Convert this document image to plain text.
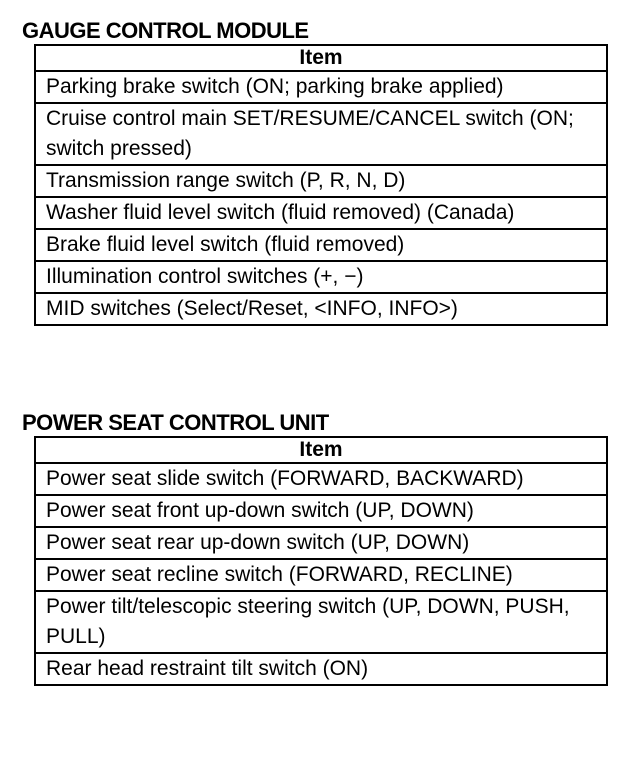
GAUGE CONTROL MODULE
Item
Parking brake switch (ON; parking brake applied)
Cruise control main SET/RESUME/CANCEL switch (ON; switch pressed)
Transmission range switch (P, R, N, D)
Washer fluid level switch (fluid removed) (Canada)
Brake fluid level switch (fluid removed)
Illumination control switches (+, −)
MID switches (Select/Reset, <INFO, INFO>)
POWER SEAT CONTROL UNIT
Item
Power seat slide switch (FORWARD, BACKWARD)
Power seat front up-down switch (UP, DOWN)
Power seat rear up-down switch (UP, DOWN)
Power seat recline switch (FORWARD, RECLINE)
Power tilt/telescopic steering switch (UP, DOWN, PUSH, PULL)
Rear head restraint tilt switch (ON)
